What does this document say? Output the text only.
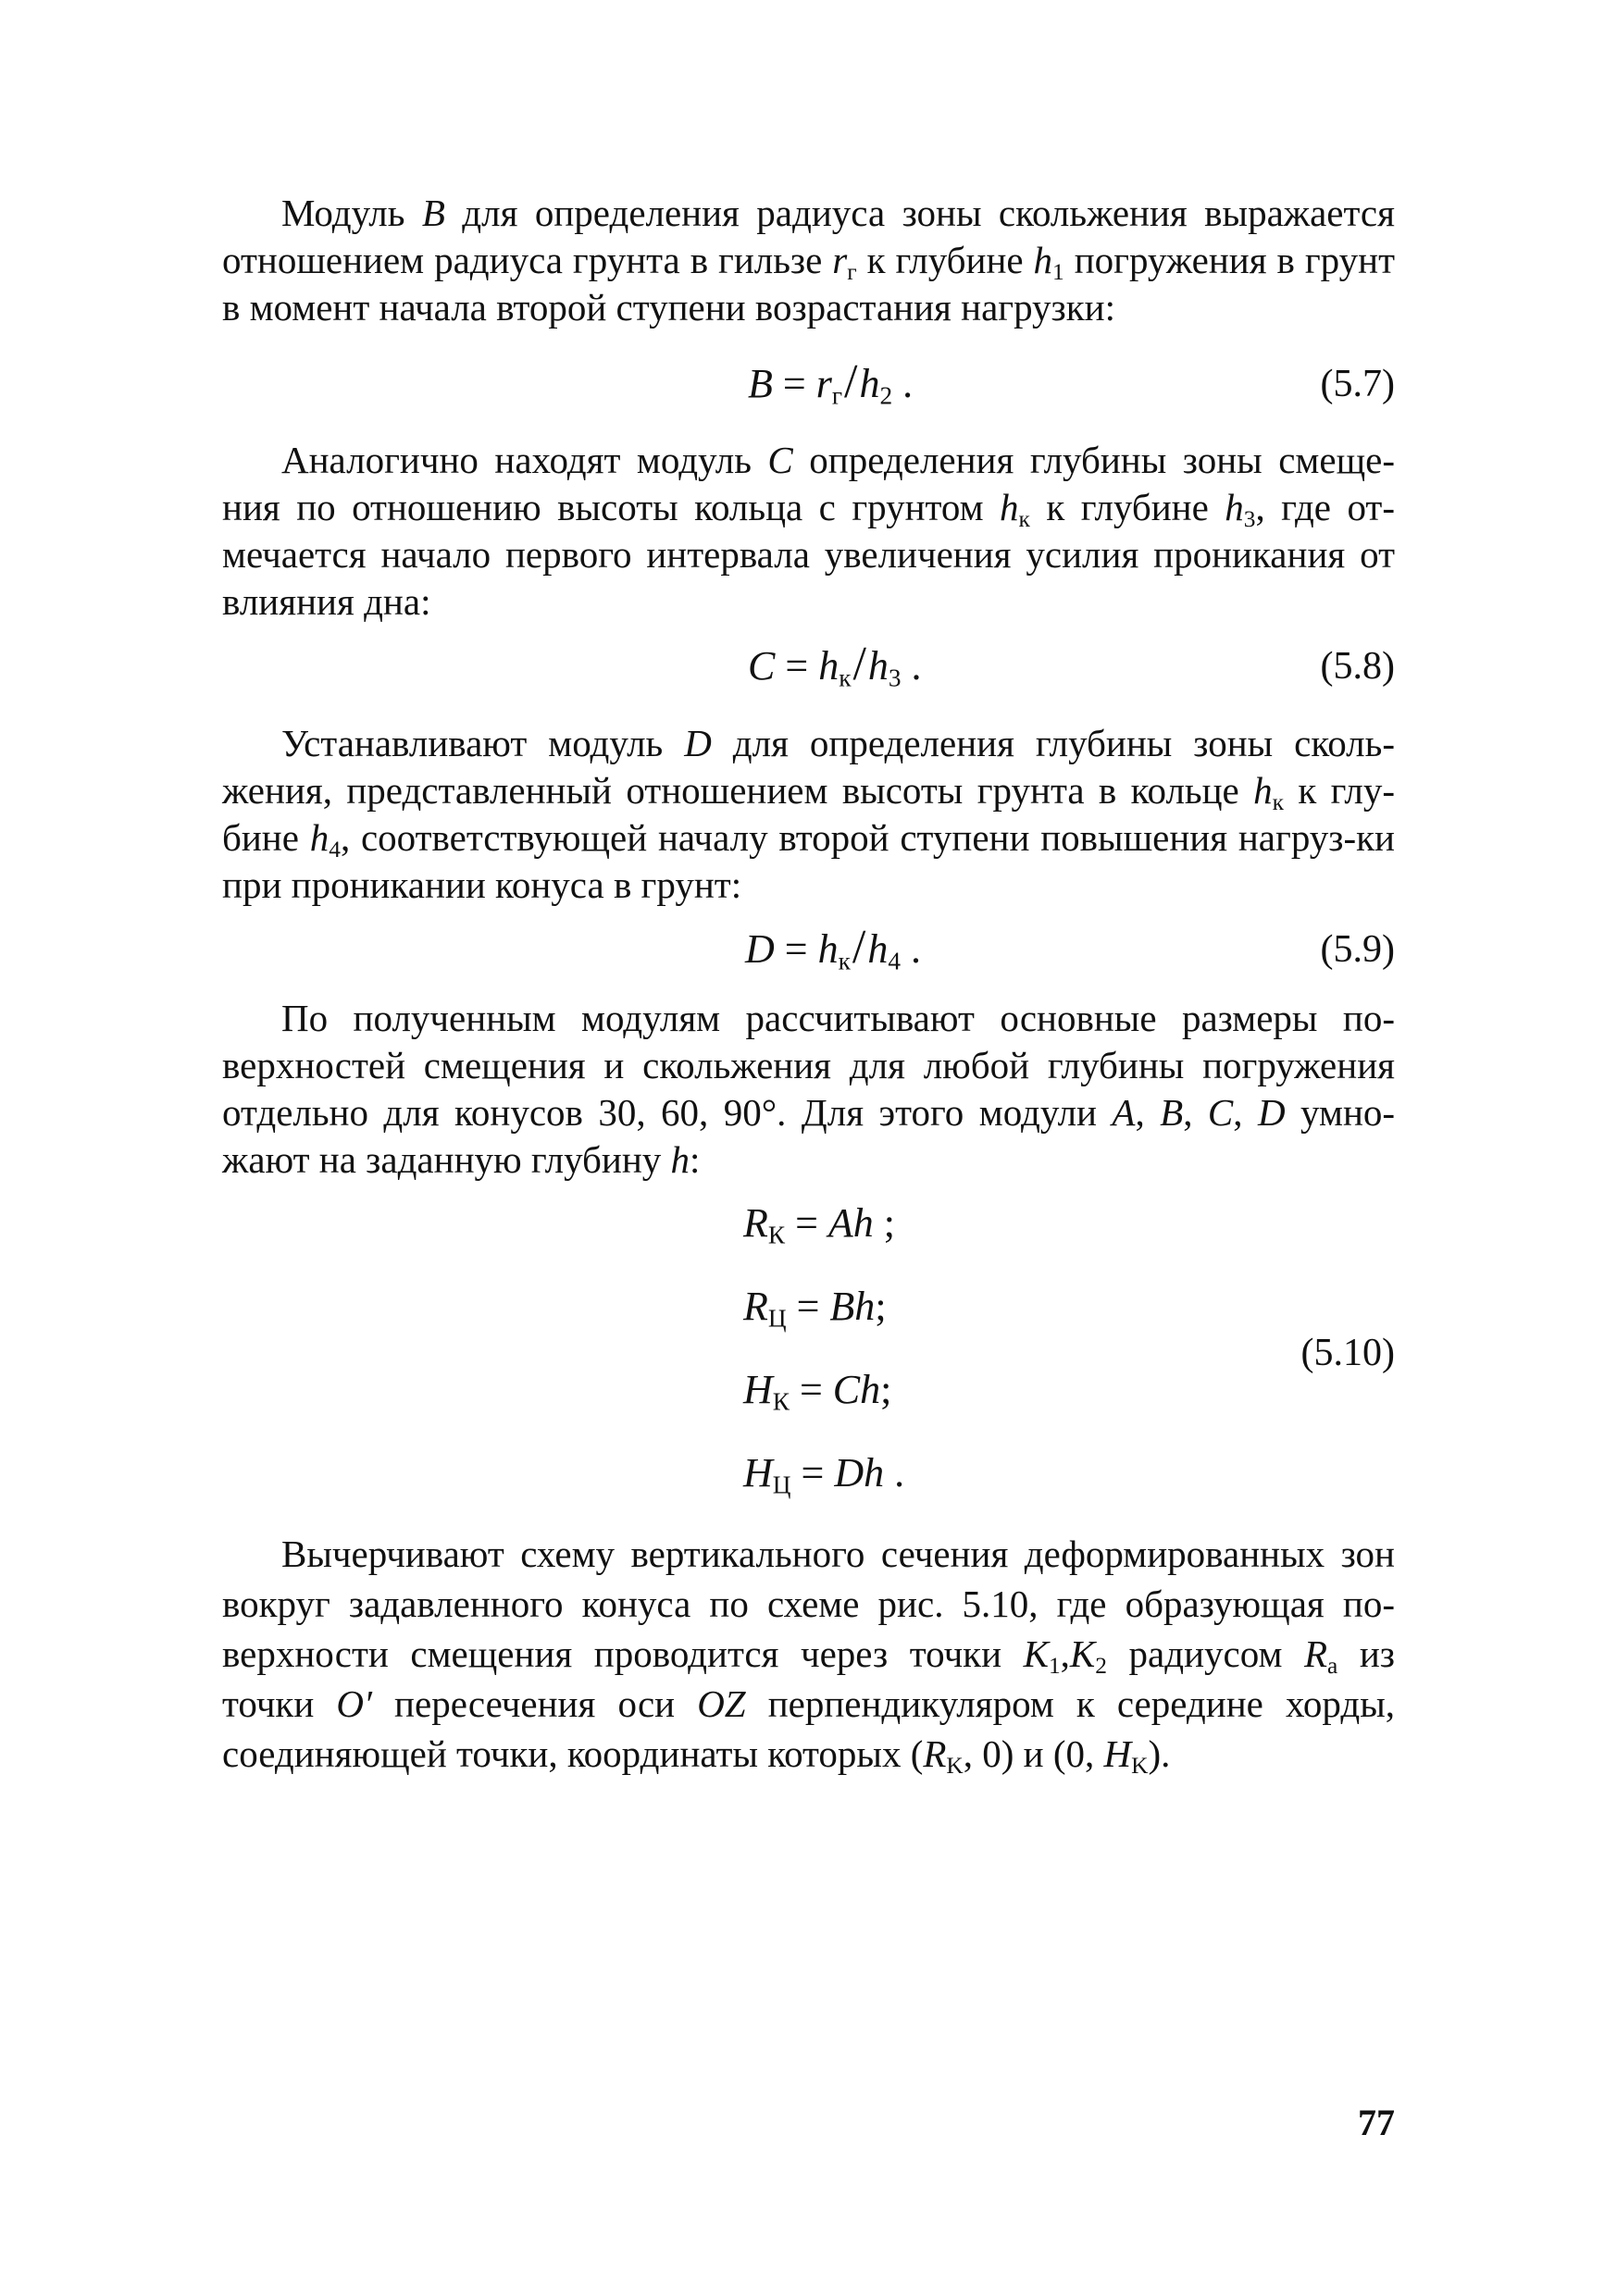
Модуль B для определения радиуса зоны скольжения выражается отношением радиуса грунта в гильзе $r_г$ к глубине $h_1$ погружения в грунт в момент начала второй ступени возрастания нагрузки:

$B = r_г/h_2$ .	(5.7)

Аналогично находят модуль C определения глубины зоны смеще-ния по отношению высоты кольца с грунтом $h_к$ к глубине $h_3$, где от-мечается начало первого интервала увеличения усилия проникания от влияния дна:

$C = h_к/h_3$ .	(5.8)

Устанавливают модуль D для определения глубины зоны сколь-жения, представленный отношением высоты грунта в кольце $h_к$ к глу-бине $h_4$, соответствующей началу второй ступени повышения нагруз-ки при проникании конуса в грунт:

$D = h_к/h_4$ .	(5.9)

По полученным модулям рассчитывают основные размеры по-верхностей смещения и скольжения для любой глубины погружения отдельно для конусов 30, 60, 90°. Для этого модули A, B, C, D умно-жают на заданную глубину h:

$R_К = Ah$ ;
$R_Ц = Bh$;
$H_К = Ch$;
$H_Ц = Dh$ .
(5.10)

Вычерчивают схему вертикального сечения деформированных зон вокруг задавленного конуса по схеме рис. 5.10, где образующая по-верхности смещения проводится через точки $K_1,K_2$ радиусом $R_a$ из точки O′ пересечения оси OZ перпендикуляром к середине хорды, соединяющей точки, координаты которых ($R_K$, 0) и (0, $H_K$).

77
